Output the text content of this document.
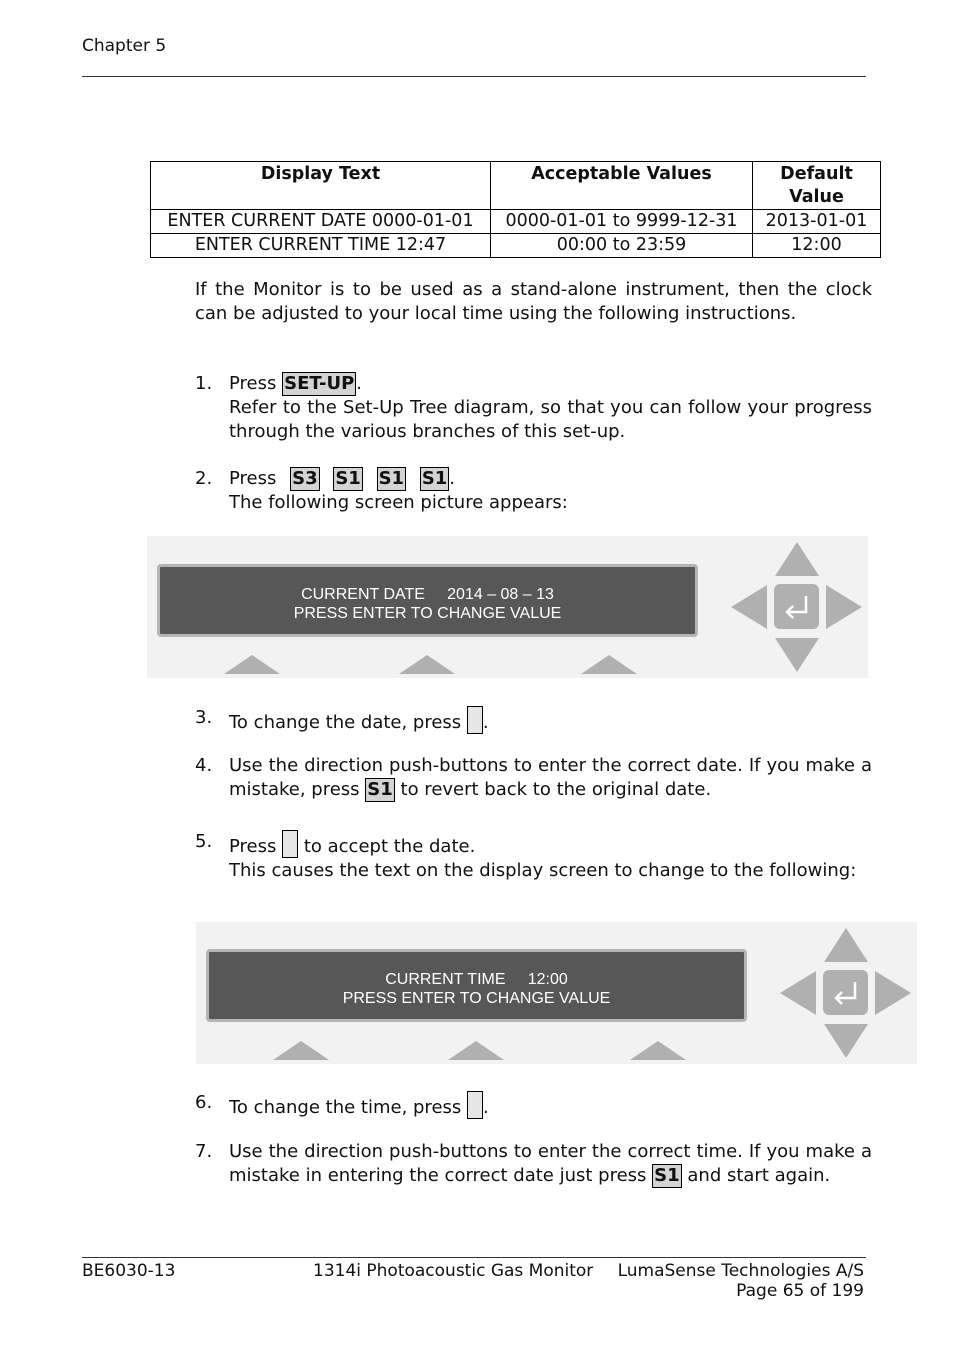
Chapter 5
Display Text	Acceptable Values	Default Value
ENTER CURRENT DATE 0000-01-01	0000-01-01 to 9999-12-31	2013-01-01
ENTER CURRENT TIME 12:47	00:00 to 23:59	12:00
If the Monitor is to be used as a stand-alone instrument, then the clock can be adjusted to your local time using the following instructions.
1. Press SET-UP .
Refer to the Set-Up Tree diagram, so that you can follow your progress through the various branches of this set-up.
2. Press S3 S1 S1 S1 .
The following screen picture appears:
CURRENT DATE     2014 – 08 – 13
PRESS ENTER TO CHANGE VALUE
3. To change the date, press .
4. Use the direction push-buttons to enter the correct date. If you make a mistake, press S1 to revert back to the original date.
5. Press  to accept the date.
This causes the text on the display screen to change to the following:
CURRENT TIME     12:00
PRESS ENTER TO CHANGE VALUE
6. To change the time, press .
7. Use the direction push-buttons to enter the correct time. If you make a mistake in entering the correct date just press S1 and start again.
BE6030-13	1314i Photoacoustic Gas Monitor LumaSense Technologies A/S
Page 65 of 199
